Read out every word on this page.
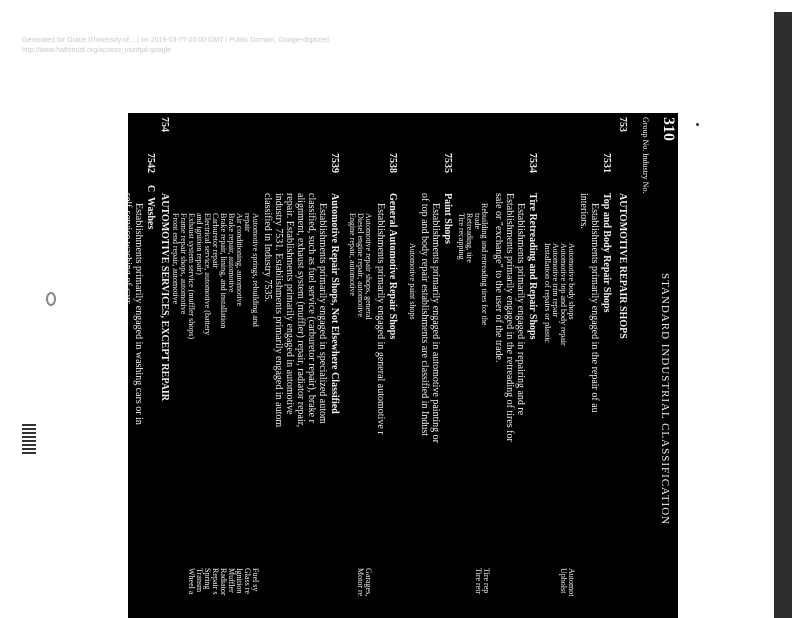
Generated for Grace (University of ...) on 2019-03-?? 00:00 GMT / Public Domain, Google-digitized
http://www.hathitrust.org/access_use#pd-google
310
STANDARD INDUSTRIAL CLASSIFICATION
Group No.
Industry No.
753
AUTOMOTIVE REPAIR SHOPS
7531
Top and Body Repair Shops
Establishments primarily engaged in the repair of au
interiors.
Automotive body shops
Automotive top and body repair
Automotive trim repair
Installation of repairs or plastic
Automot
Upholst
7534
Tire Retreading and Repair Shops
Establishments primarily engaged in repairing and re
Establishments primarily engaged in the retreading of tires for
sale or "exchange" to the user of the trade.
Rebuilding and retreading tires for the
trade
Retreading, tire
Tire recapping
Tire rep
Tire retr
7535
Paint Shops
Establishments primarily engaged in automotive painting or
of top and body repair establishments are classified in Indust
Automotive paint shops
7538
General Automotive Repair Shops
Establishments primarily engaged in general automotive r
Automotive repair shops, general
Diesel engine repair, automotive
Engine repair, automotive
Garages,
Motor re
7539
Automotive Repair Shops, Not Elsewhere Classified
Establishments primarily engaged in specialized autom
classified, such as fuel service (carburetor repair), brake r
alignment, exhaust system (muffler) repair, radiator repair,
repair. Establishments primarily engaged in automotive
industry 7531. Establishments primarily engaged in autom
classified in Industry 7535.
Automotive springs, rebuilding and
repair
Air conditioning, automotive
Brake repair, automotive
Brake repair, lining, and installation
Carburetor repair
Electrical service, automotive (battery
and ignition repair)
Exhaust system service (muffler shops)
Frame repair shops, automotive
Front end repair, automotive
Fuel sy
Glass re
Ignition
Muffler
Radiator
Repair s
Spring
Transm
Wheel a
754
AUTOMOTIVE SERVICES, EXCEPT REPAIR
7542
C
Washes
Establishments primarily engaged in washing cars or in
self-service washing of cars.
